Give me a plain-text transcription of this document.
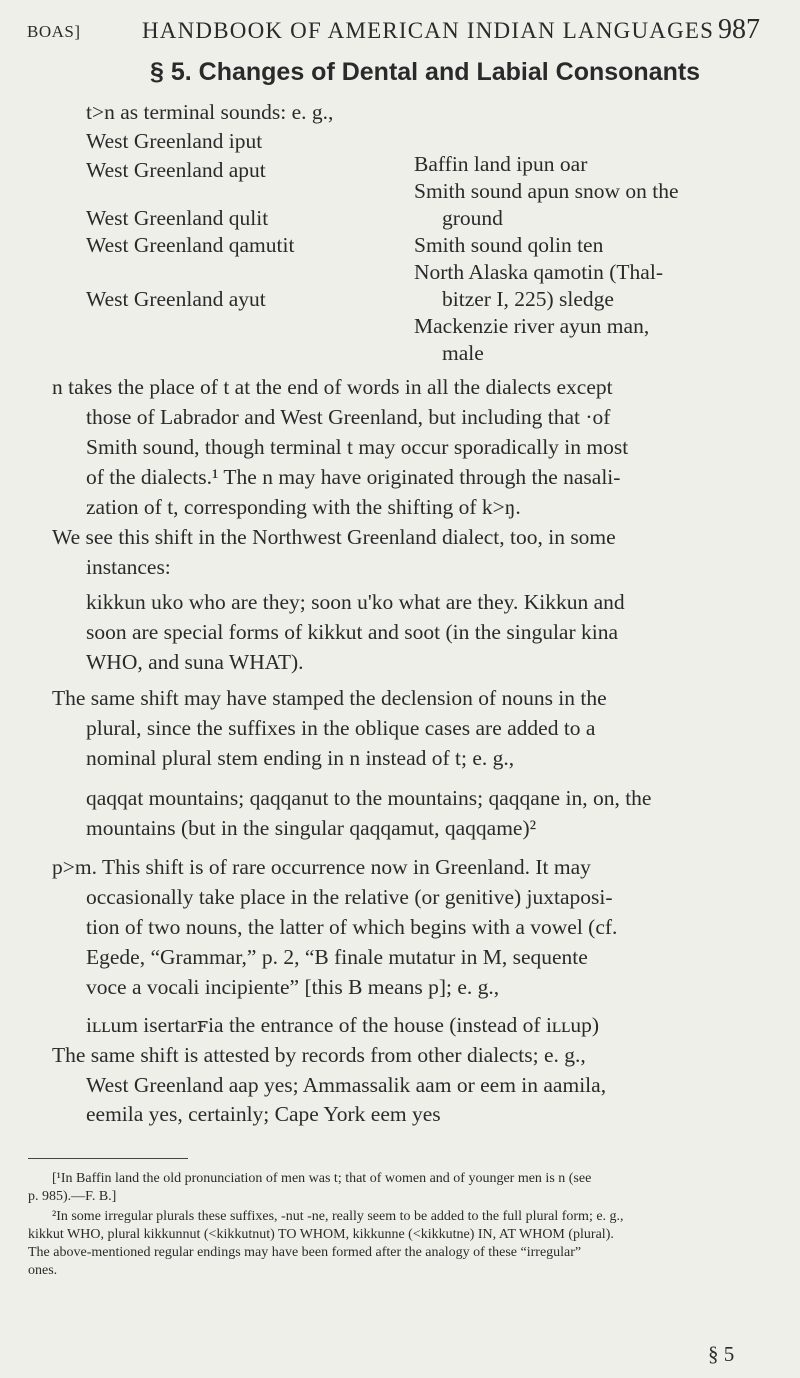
BOAS]	HANDBOOK OF AMERICAN INDIAN LANGUAGES 987
§ 5. Changes of Dental and Labial Consonants
t>n as terminal sounds: e. g.,
West Greenland iput
Baffin land ipun oar
West Greenland aput
Smith sound apun snow on the
ground
West Greenland qulit
Smith sound qolin ten
West Greenland qamutit
North Alaska qamotin (Thal-
bitzer I, 225) sledge
West Greenland ayut
Mackenzie river ayun man,
male
n takes the place of t at the end of words in all the dialects except
those of Labrador and West Greenland, but including that ·of
Smith sound, though terminal t may occur sporadically in most
of the dialects.¹ The n may have originated through the nasali-
zation of t, corresponding with the shifting of k>ŋ.
We see this shift in the Northwest Greenland dialect, too, in some
instances:
kikkun uko who are they; soon u'ko what are they. Kikkun and
soon are special forms of kikkut and soot (in the singular kina
WHO, and suna WHAT).
The same shift may have stamped the declension of nouns in the
plural, since the suffixes in the oblique cases are added to a
nominal plural stem ending in n instead of t; e. g.,
qaqqat mountains; qaqqanut to the mountains; qaqqane in, on, the
mountains (but in the singular qaqqamut, qaqqame)²
p>m. This shift is of rare occurrence now in Greenland. It may
occasionally take place in the relative (or genitive) juxtaposi-
tion of two nouns, the latter of which begins with a vowel (cf.
Egede, “Grammar,” p. 2, “B finale mutatur in M, sequente
voce a vocali incipiente” [this B means p]; e. g.,
iʟʟum isertarꜰia the entrance of the house (instead of iʟʟup)
The same shift is attested by records from other dialects; e. g.,
West Greenland aap yes; Ammassalik aam or eem in aamila,
eemila yes, certainly; Cape York eem yes
[¹In Baffin land the old pronunciation of men was t; that of women and of younger men is n (see
p. 985).—F. B.]
²In some irregular plurals these suffixes, -nut -ne, really seem to be added to the full plural form; e. g.,
kikkut WHO, plural kikkunnut (<kikkutnut) TO WHOM, kikkunne (<kikkutne) IN, AT WHOM (plural).
The above-mentioned regular endings may have been formed after the analogy of these “irregular”
ones.
§ 5
